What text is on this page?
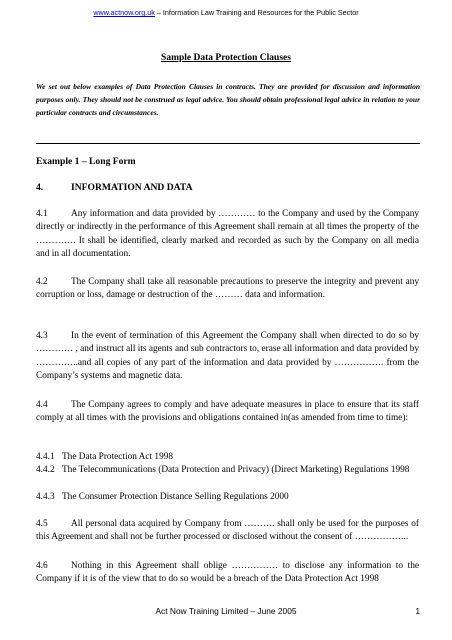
www.actnow.org.uk – Information Law Training and Resources for the Public Sector
Sample Data Protection Clauses
We set out below examples of Data Protection Clauses in contracts. They are provided for discussion and information purposes only. They should not be construed as legal advice. You should obtain professional legal advice in relation to your particular contracts and circumstances.
Example 1 – Long Form
4.	INFORMATION AND DATA
4.1	Any information and data provided by ………… to the Company and used by the Company directly or indirectly in the performance of this Agreement shall remain at all times the property of the …………. It shall be identified, clearly marked and recorded as such by the Company on all media and in all documentation.
4.2	The Company shall take all reasonable precautions to preserve the integrity and prevent any corruption or loss, damage or destruction of the ……… data and information.
4.3	In the event of termination of this Agreement the Company shall when directed to do so by ………… , and instruct all its agents and sub contractors to, erase all information and data provided by …………..and all copies of any part of the information and data provided by ……………. from the Company’s systems and magnetic data.
4.4	The Company agrees to comply and have adequate measures in place to ensure that its staff comply at all times with the provisions and obligations contained in(as amended from time to time):
4.4.1 The Data Protection Act 1998
4.4.2 The Telecommunications (Data Protection and Privacy) (Direct Marketing) Regulations 1998
4.4.3 The Consumer Protection Distance Selling Regulations 2000
4.5	All personal data acquired by Company from ………. shall only be used for the purposes of this Agreement and shall not be further processed or disclosed without the consent of ……………...
4.6	Nothing in this Agreement shall oblige …………… to disclose any information to the Company if it is of the view that to do so would be a breach of the Data Protection Act 1998
Act Now Training Limited – June 2005	1
